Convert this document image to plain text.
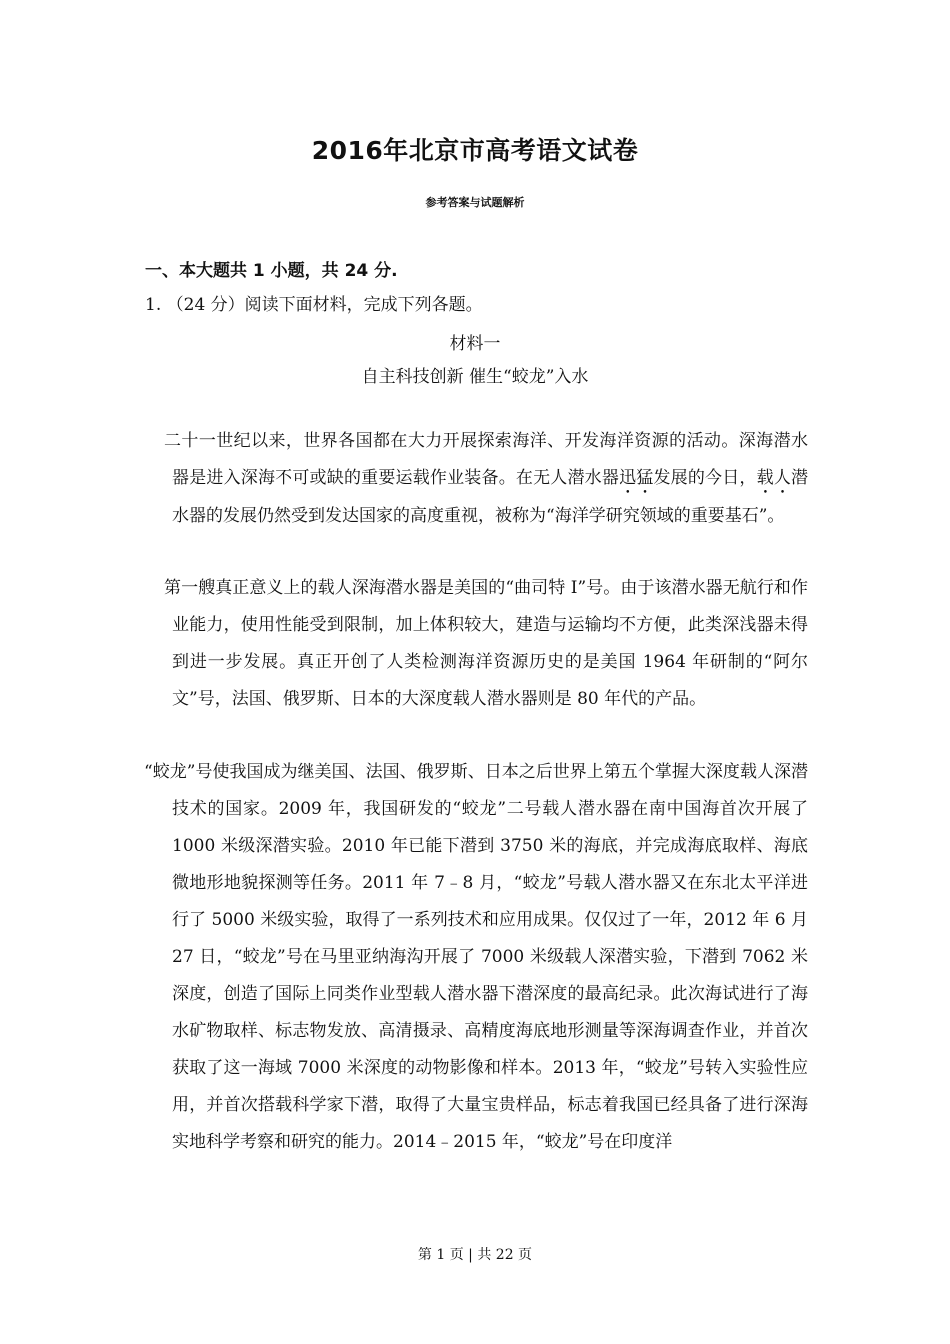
2016年北京市高考语文试卷
参考答案与试题解析
一、本大题共 1 小题，共 24 分.
1. （24 分）阅读下面材料，完成下列各题。
材料一
自主科技创新 催生“蛟龙”入水
二十一世纪以来，世界各国都在大力开展探索海洋、开发海洋资源的活动。深海潜水器是进入深海不可或缺的重要运载作业装备。在无人潜水器迅猛发展的今日，载人潜水器的发展仍然受到发达国家的高度重视，被称为“海洋学研究领域的重要基石”。
第一艘真正意义上的载人深海潜水器是美国的“曲司特 I”号。由于该潜水器无航行和作业能力，使用性能受到限制，加上体积较大，建造与运输均不方便，此类深浅器未得到进一步发展。真正开创了人类检测海洋资源历史的是美国 1964 年研制的“阿尔文”号，法国、俄罗斯、日本的大深度载人潜水器则是 80 年代的产品。
“蛟龙”号使我国成为继美国、法国、俄罗斯、日本之后世界上第五个掌握大深度载人深潜技术的国家。2009 年，我国研发的“蛟龙”二号载人潜水器在南中国海首次开展了 1000 米级深潜实验。2010 年已能下潜到 3750 米的海底，并完成海底取样、海底微地形地貌探测等任务。2011 年 7﹣8 月，“蛟龙”号载人潜水器又在东北太平洋进行了 5000 米级实验，取得了一系列技术和应用成果。仅仅过了一年，2012 年 6 月 27 日，“蛟龙”号在马里亚纳海沟开展了 7000 米级载人深潜实验，下潜到 7062 米深度，创造了国际上同类作业型载人潜水器下潜深度的最高纪录。此次海试进行了海水矿物取样、标志物发放、高清摄录、高精度海底地形测量等深海调查作业，并首次获取了这一海域 7000 米深度的动物影像和样本。2013 年，“蛟龙”号转入实验性应用，并首次搭载科学家下潜，取得了大量宝贵样品，标志着我国已经具备了进行深海实地科学考察和研究的能力。2014﹣2015 年，“蛟龙”号在印度洋
第 1 页 | 共 22 页
